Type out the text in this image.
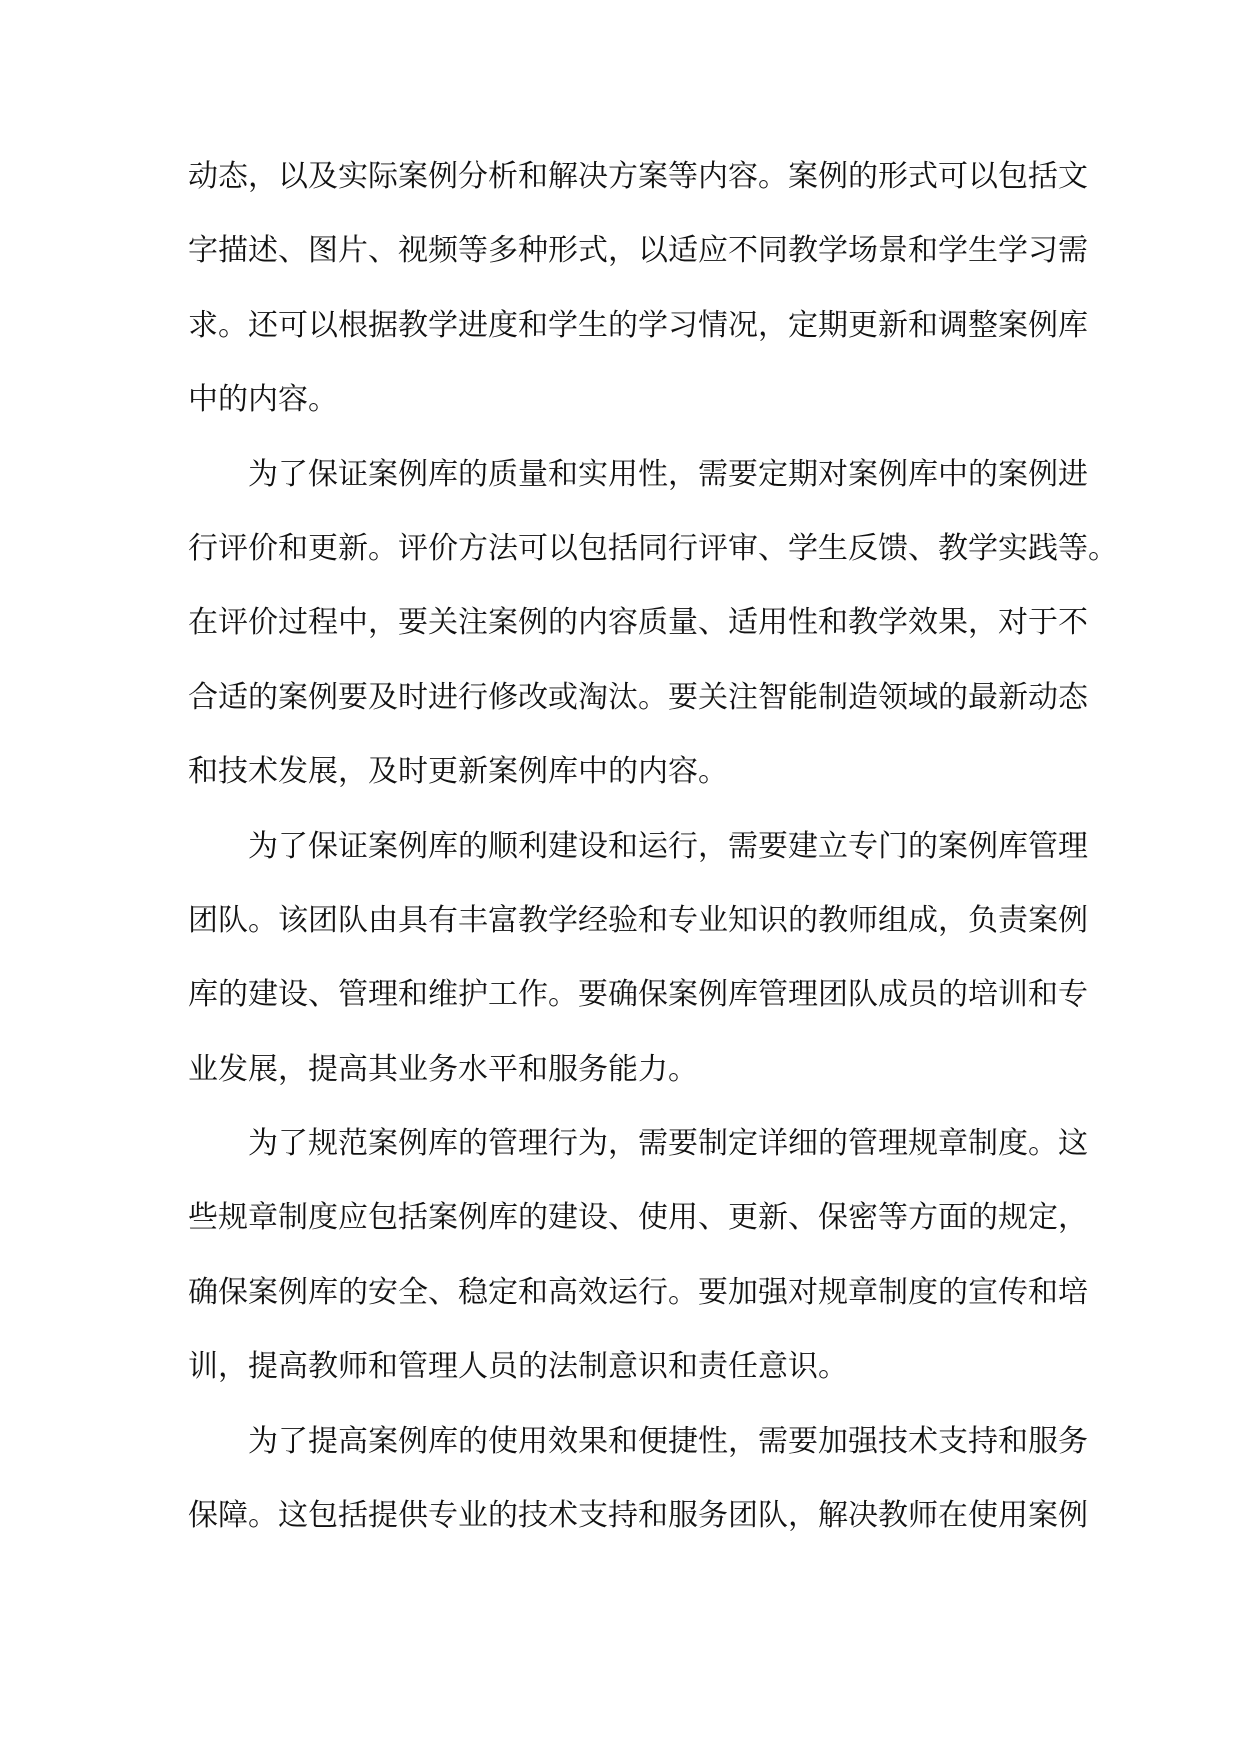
动态，以及实际案例分析和解决方案等内容。案例的形式可以包括文
字描述、图片、视频等多种形式，以适应不同教学场景和学生学习需
求。还可以根据教学进度和学生的学习情况，定期更新和调整案例库
中的内容。
为了保证案例库的质量和实用性，需要定期对案例库中的案例进
行评价和更新。评价方法可以包括同行评审、学生反馈、教学实践等。
在评价过程中，要关注案例的内容质量、适用性和教学效果，对于不
合适的案例要及时进行修改或淘汰。要关注智能制造领域的最新动态
和技术发展，及时更新案例库中的内容。
为了保证案例库的顺利建设和运行，需要建立专门的案例库管理
团队。该团队由具有丰富教学经验和专业知识的教师组成，负责案例
库的建设、管理和维护工作。要确保案例库管理团队成员的培训和专
业发展，提高其业务水平和服务能力。
为了规范案例库的管理行为，需要制定详细的管理规章制度。这
些规章制度应包括案例库的建设、使用、更新、保密等方面的规定，
确保案例库的安全、稳定和高效运行。要加强对规章制度的宣传和培
训，提高教师和管理人员的法制意识和责任意识。
为了提高案例库的使用效果和便捷性，需要加强技术支持和服务
保障。这包括提供专业的技术支持和服务团队，解决教师在使用案例
